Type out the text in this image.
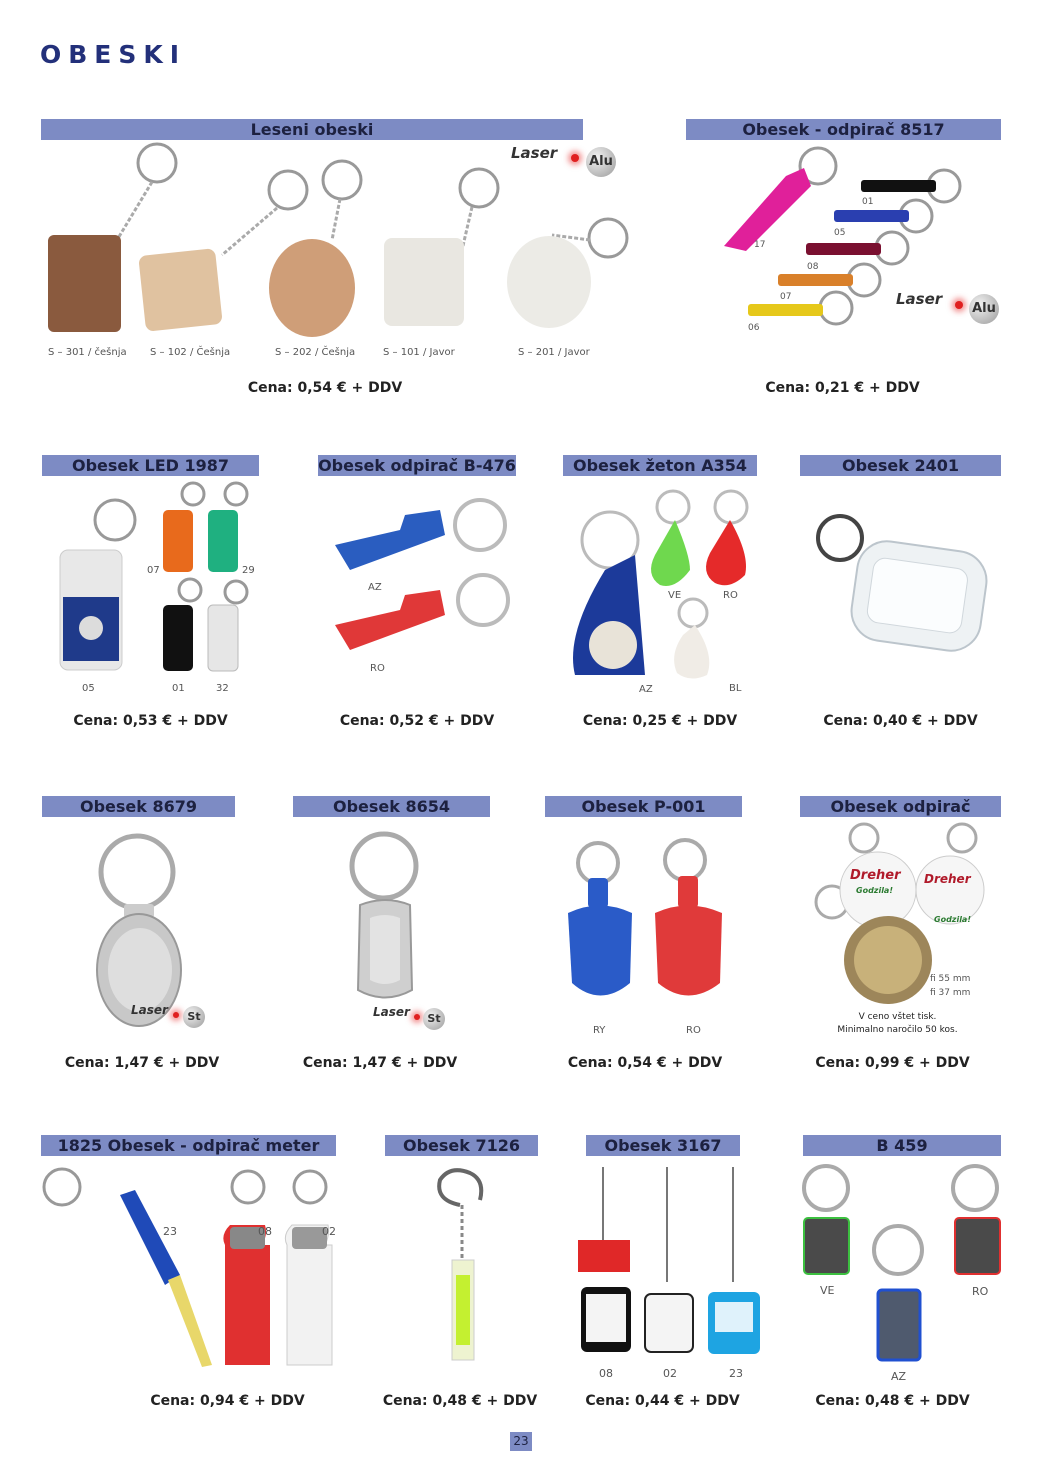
OBESKI
Leseni obeski
Laser Alu
S – 301 / češnja S – 102 / Češnja	S – 202 / Češnja	S – 101 / Javor	S – 201 / Javor
Cena: 0,54 € + DDV
Obesek - odpirač 8517
17
01
05
08
07
06
Laser
Alu
Cena: 0,21 € + DDV
Obesek LED 1987
07	29
05	01	32
Cena: 0,53 € + DDV
Obesek odpirač B-476
AZ
RO
Cena: 0,52 € + DDV
Obesek žeton A354
VE	RO
AZ	BL
Cena: 0,25 € + DDV
Obesek 2401
Cena: 0,40 € + DDV
Obesek 8679
Laser	St
Cena: 1,47 € + DDV
Obesek 8654
Laser	St
Cena: 1,47 € + DDV
Obesek P-001
RY	RO
Cena: 0,54 € + DDV
Obesek odpirač
Dreher
Godzila!
Dreher
Godzila!
fi 55 mm
fi 37 mm
V ceno vštet tisk.
Minimalno naročilo 50 kos.
Cena: 0,99 € + DDV
1825 Obesek - odpirač meter
23	08	02
Cena: 0,94 € + DDV
Obesek 7126
Cena: 0,48 € + DDV
Obesek 3167
08	02	23
Cena: 0,44 € + DDV
B 459
VE	RO
AZ
Cena: 0,48 € + DDV
23
